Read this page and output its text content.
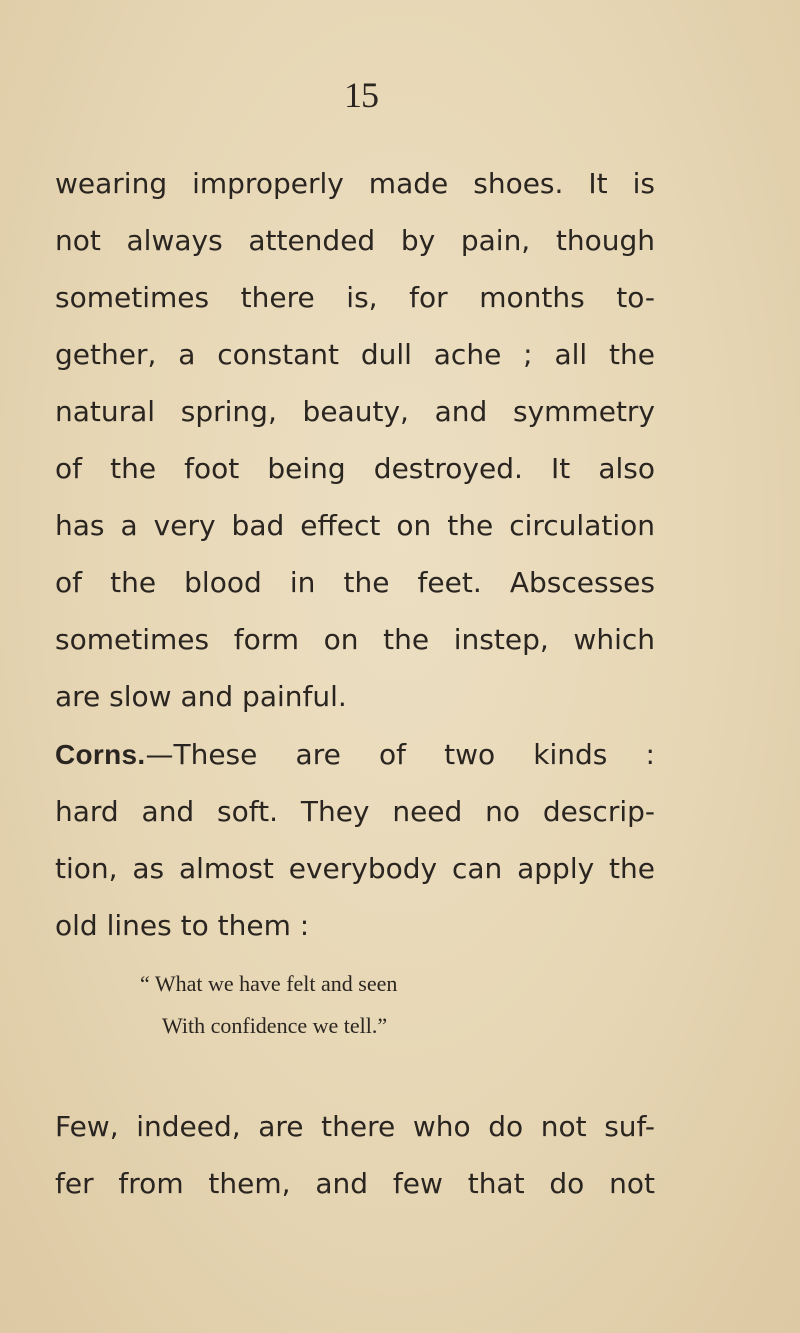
15
wearing improperly made shoes. It is
not always attended by pain, though
sometimes there is, for months to-
gether, a constant dull ache ; all the
natural spring, beauty, and symmetry
of the foot being destroyed. It also
has a very bad effect on the circulation
of the blood in the feet. Abscesses
sometimes form on the instep, which
are slow and painful.
Corns.—These are of two kinds :
hard and soft. They need no descrip-
tion, as almost everybody can apply the
old lines to them :
“ What we have felt and seen
With confidence we tell.”
Few, indeed, are there who do not suf-
fer from them, and few that do not
